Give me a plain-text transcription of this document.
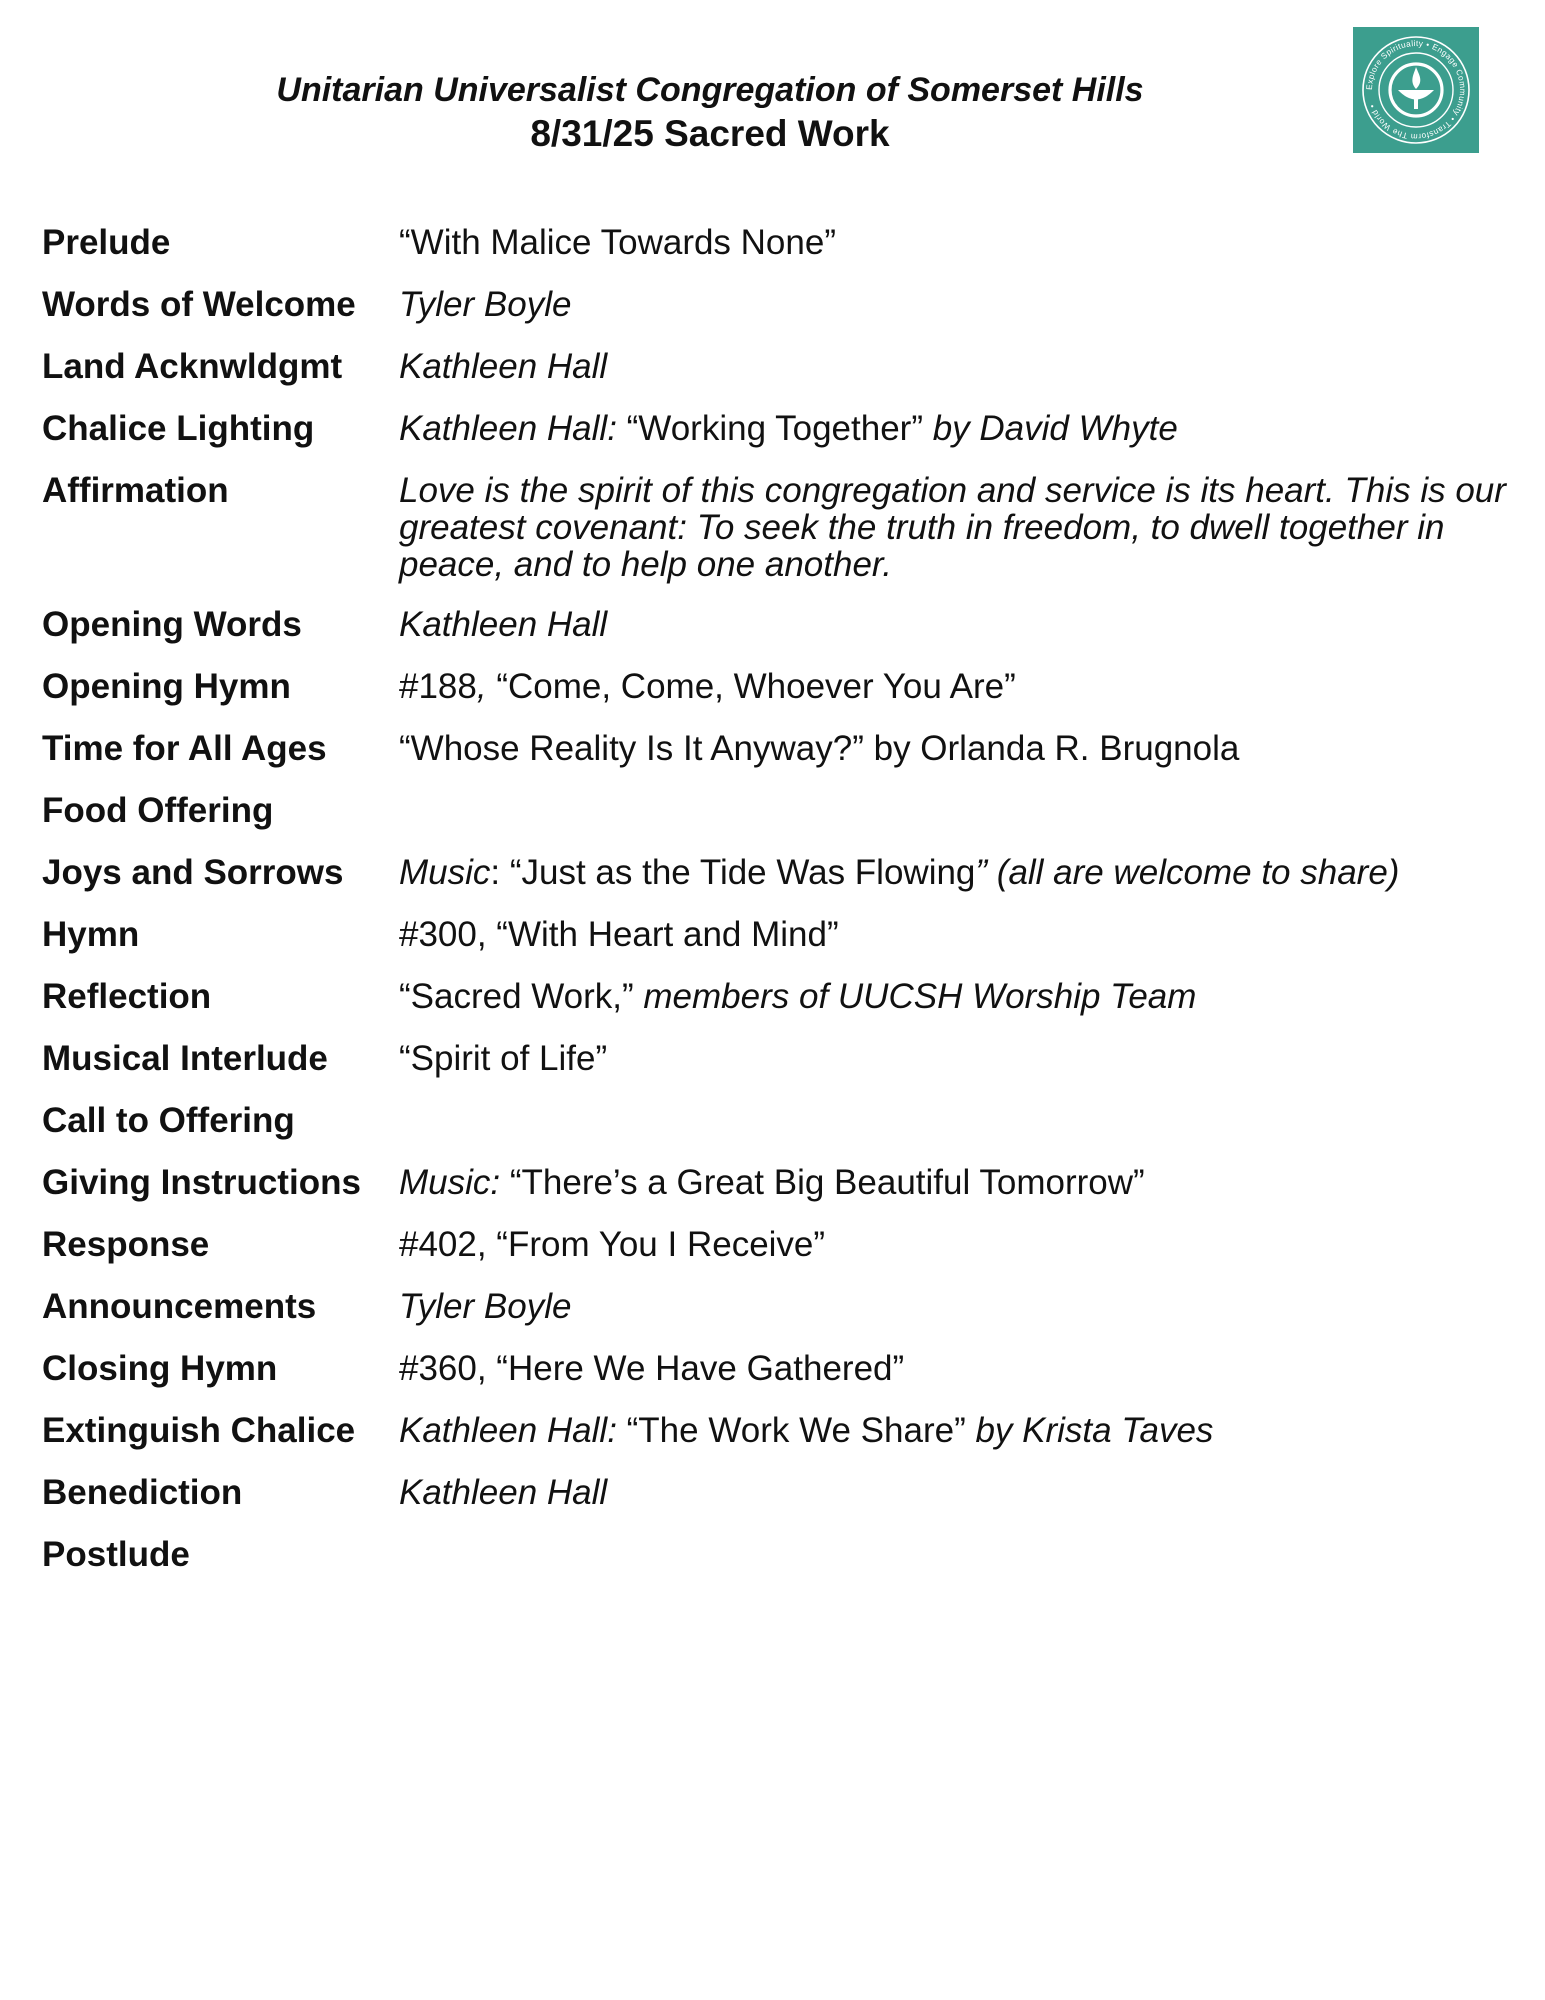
Unitarian Universalist Congregation of Somerset Hills

8/31/25 Sacred Work

Explore Spirituality • Engage Community • Transform The World •
Prelude	“With Malice Towards None”
Words of Welcome	Tyler Boyle
Land Acknwldgmt	Kathleen Hall
Chalice Lighting	Kathleen Hall: “Working Together” by David Whyte
Affirmation	Love is the spirit of this congregation and service is its heart. This is our greatest covenant: To seek the truth in freedom, to dwell together in peace, and to help one another.
Opening Words	Kathleen Hall
Opening Hymn	#188, “Come, Come, Whoever You Are”
Time for All Ages	“Whose Reality Is It Anyway?” by Orlanda R. Brugnola
Food Offering
Joys and Sorrows	Music: “Just as the Tide Was Flowing” (all are welcome to share)
Hymn	#300, “With Heart and Mind”
Reflection	“Sacred Work,” members of UUCSH Worship Team
Musical Interlude	“Spirit of Life”
Call to Offering
Giving Instructions	Music: “There’s a Great Big Beautiful Tomorrow”
Response	#402, “From You I Receive”
Announcements	Tyler Boyle
Closing Hymn	#360, “Here We Have Gathered”
Extinguish Chalice	Kathleen Hall: “The Work We Share” by Krista Taves
Benediction	Kathleen Hall
Postlude
